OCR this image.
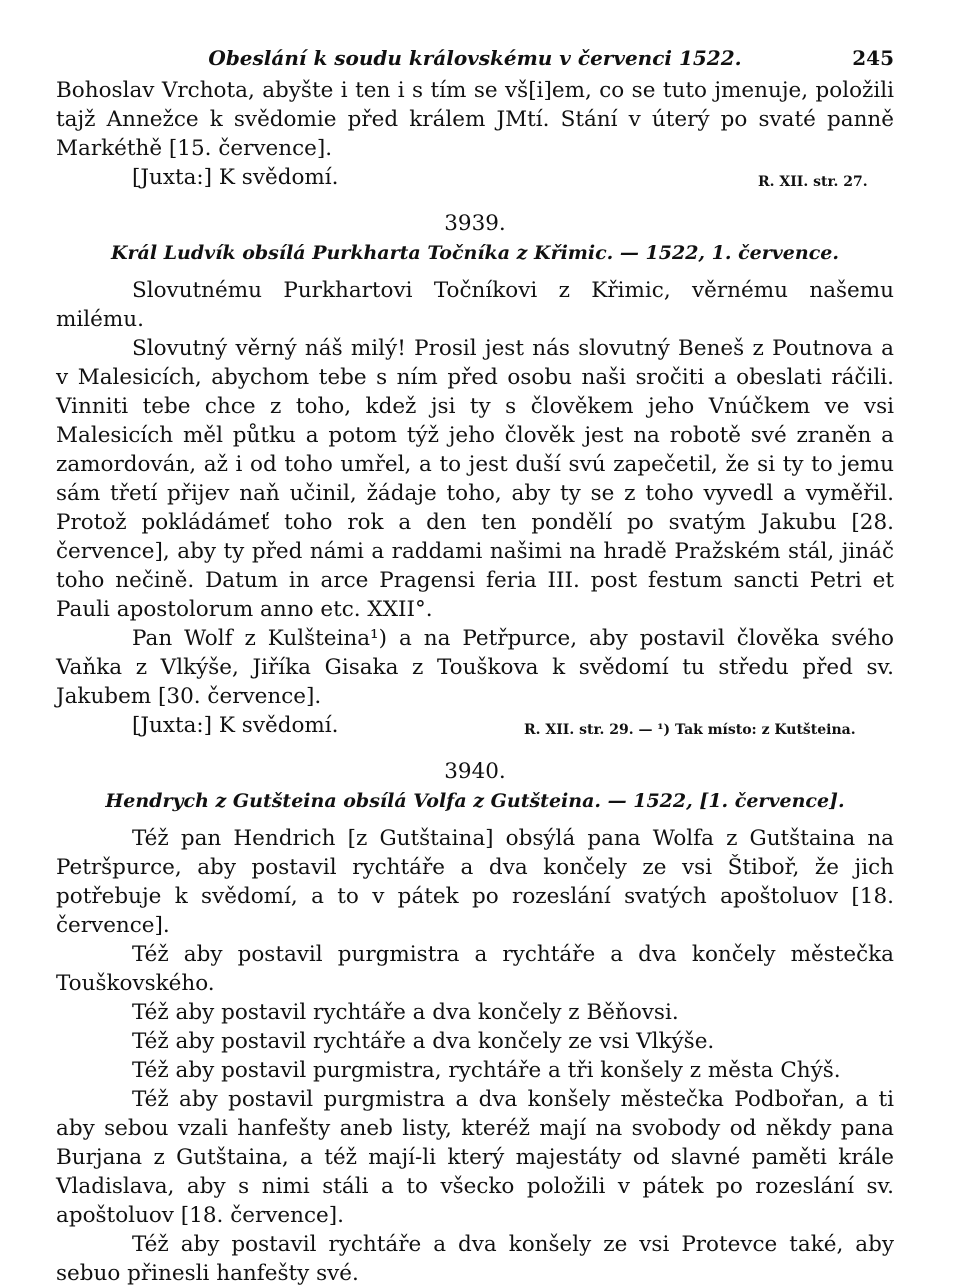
Obeslání k soudu královskému v červenci 1522.	245

Bohoslav Vrchota, abyšte i ten i s tím se vš[i]em, co se tuto jmenuje, položili tajž Annežce k svědomie před králem JMtí. Stání v úterý po svaté panně Markéthě [15. července].

[Juxta:] K svědomí.	R. XII. str. 27.
3939.
Král Ludvík obsílá Purkharta Točníka z Křimic. — 1522, 1. července.

Slovutnému Purkhartovi Točníkovi z Křimic, věrnému našemu milému.

Slovutný věrný náš milý! Prosil jest nás slovutný Beneš z Poutnova a v Malesicích, abychom tebe s ním před osobu naši sročiti a obeslati ráčili. Vinniti tebe chce z toho, kdež jsi ty s člověkem jeho Vnúčkem ve vsi Malesicích měl půtku a potom týž jeho člověk jest na robotě své zraněn a zamordován, až i od toho umřel, a to jest duší svú zapečetil, že si ty to jemu sám třetí přijev naň učinil, žádaje toho, aby ty se z toho vyvedl a vyměřil. Protož pokládámeť toho rok a den ten pondělí po svatým Jakubu [28. července], aby ty před námi a raddami našimi na hradě Pražském stál, jináč toho nečině. Datum in arce Pragensi feria III. post festum sancti Petri et Pauli apostolorum anno etc. XXII°.

Pan Wolf z Kulšteina¹) a na Petřpurce, aby postavil člověka svého Vaňka z Vlkýše, Jiříka Gisaka z Touškova k svědomí tu středu před sv. Jakubem [30. července].

[Juxta:] K svědomí.	R. XII. str. 29. — ¹) Tak místo: z Kutšteina.
3940.
Hendrych z Gutšteina obsílá Volfa z Gutšteina. — 1522, [1. července].

Též pan Hendrich [z Gutštaina] obsýlá pana Wolfa z Gutštaina na Petršpurce, aby postavil rychtáře a dva končely ze vsi Štiboř, že jich potřebuje k svědomí, a to v pátek po rozeslání svatých apoštoluov [18. července].

Též aby postavil purgmistra a rychtáře a dva končely městečka Touškovského.

Též aby postavil rychtáře a dva končely z Běňovsi.

Též aby postavil rychtáře a dva končely ze vsi Vlkýše.

Též aby postavil purgmistra, rychtáře a tři konšely z města Chýš.

Též aby postavil purgmistra a dva konšely městečka Podbořan, a ti aby sebou vzali hanfešty aneb listy, kteréž mají na svobody od někdy pana Burjana z Gutštaina, a též mají-li který majestáty od slavné paměti krále Vladislava, aby s nimi stáli a to všecko položili v pátek po rozeslání sv. apoštoluov [18. července].

Též aby postavil rychtáře a dva konšely ze vsi Protevce také, aby sebuo přinesli hanfešty své.
